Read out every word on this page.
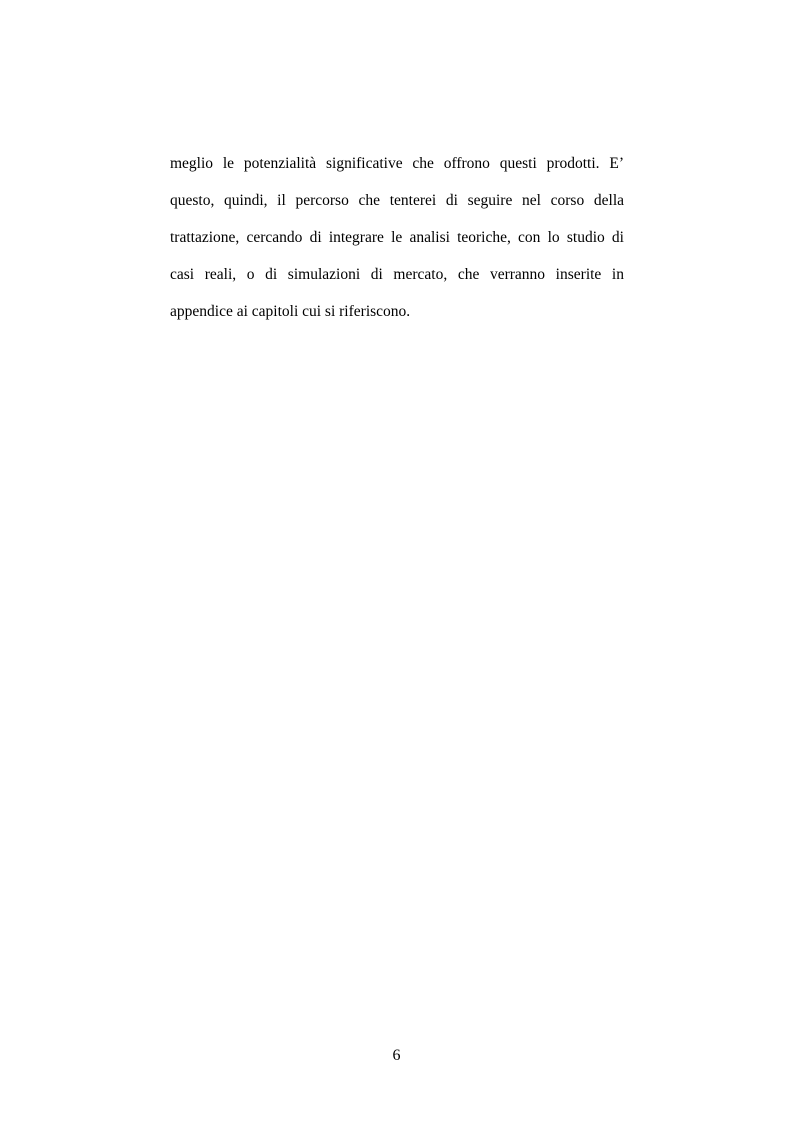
meglio le potenzialità significative che offrono questi prodotti. E’
questo, quindi, il percorso che tenterei di seguire nel corso della
trattazione, cercando di integrare le analisi teoriche, con lo studio di
casi reali, o di simulazioni di mercato, che verranno inserite in
appendice ai capitoli cui si riferiscono.
6
